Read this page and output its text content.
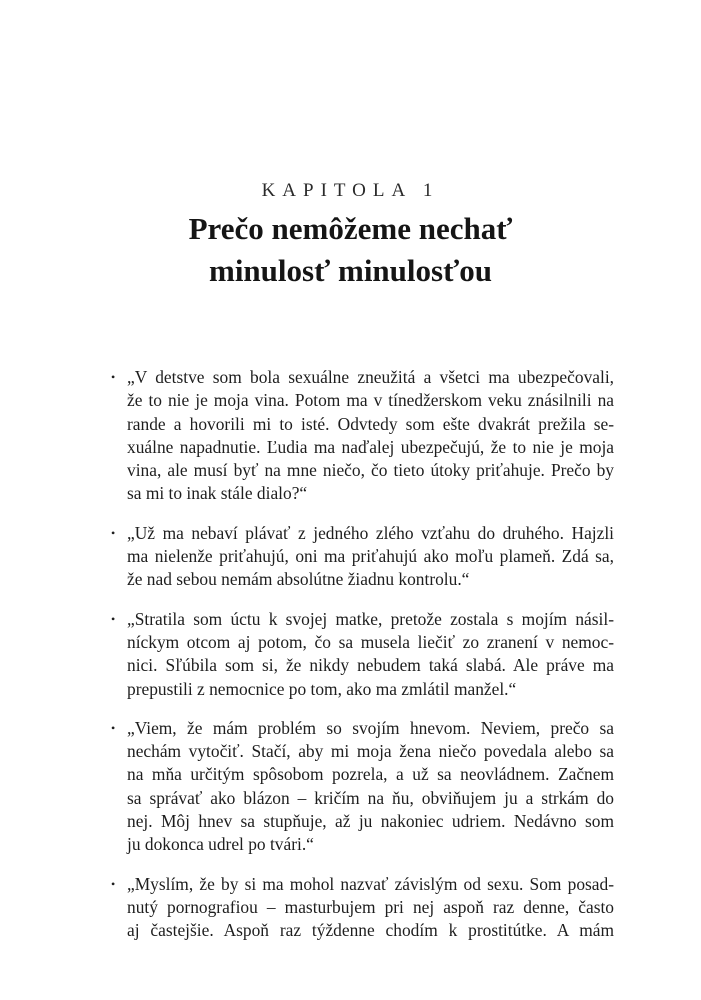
KAPITOLA 1
Prečo nemôžeme nechať
minulosť minulosťou
• „V detstve som bola sexuálne zneužitá a všetci ma ubezpečovali,
že to nie je moja vina. Potom ma v tínedžerskom veku znásilnili na
rande a hovorili mi to isté. Odvtedy som ešte dvakrát prežila se-
xuálne napadnutie. Ľudia ma naďalej ubezpečujú, že to nie je moja
vina, ale musí byť na mne niečo, čo tieto útoky priťahuje. Prečo by
sa mi to inak stále dialo?“
• „Už ma nebaví plávať z jedného zlého vzťahu do druhého. Hajzli
ma nielenže priťahujú, oni ma priťahujú ako moľu plameň. Zdá sa,
že nad sebou nemám absolútne žiadnu kontrolu.“
• „Stratila som úctu k svojej matke, pretože zostala s mojím násil-
níckym otcom aj potom, čo sa musela liečiť zo zranení v nemoc-
nici. Sľúbila som si, že nikdy nebudem taká slabá. Ale práve ma
prepustili z nemocnice po tom, ako ma zmlátil manžel.“
• „Viem, že mám problém so svojím hnevom. Neviem, prečo sa
nechám vytočiť. Stačí, aby mi moja žena niečo povedala alebo sa
na mňa určitým spôsobom pozrela, a už sa neovládnem. Začnem
sa správať ako blázon – kričím na ňu, obviňujem ju a strkám do
nej. Môj hnev sa stupňuje, až ju nakoniec udriem. Nedávno som
ju dokonca udrel po tvári.“
• „Myslím, že by si ma mohol nazvať závislým od sexu. Som posad-
nutý pornografiou – masturbujem pri nej aspoň raz denne, často
aj častejšie. Aspoň raz týždenne chodím k prostitútke. A mám
